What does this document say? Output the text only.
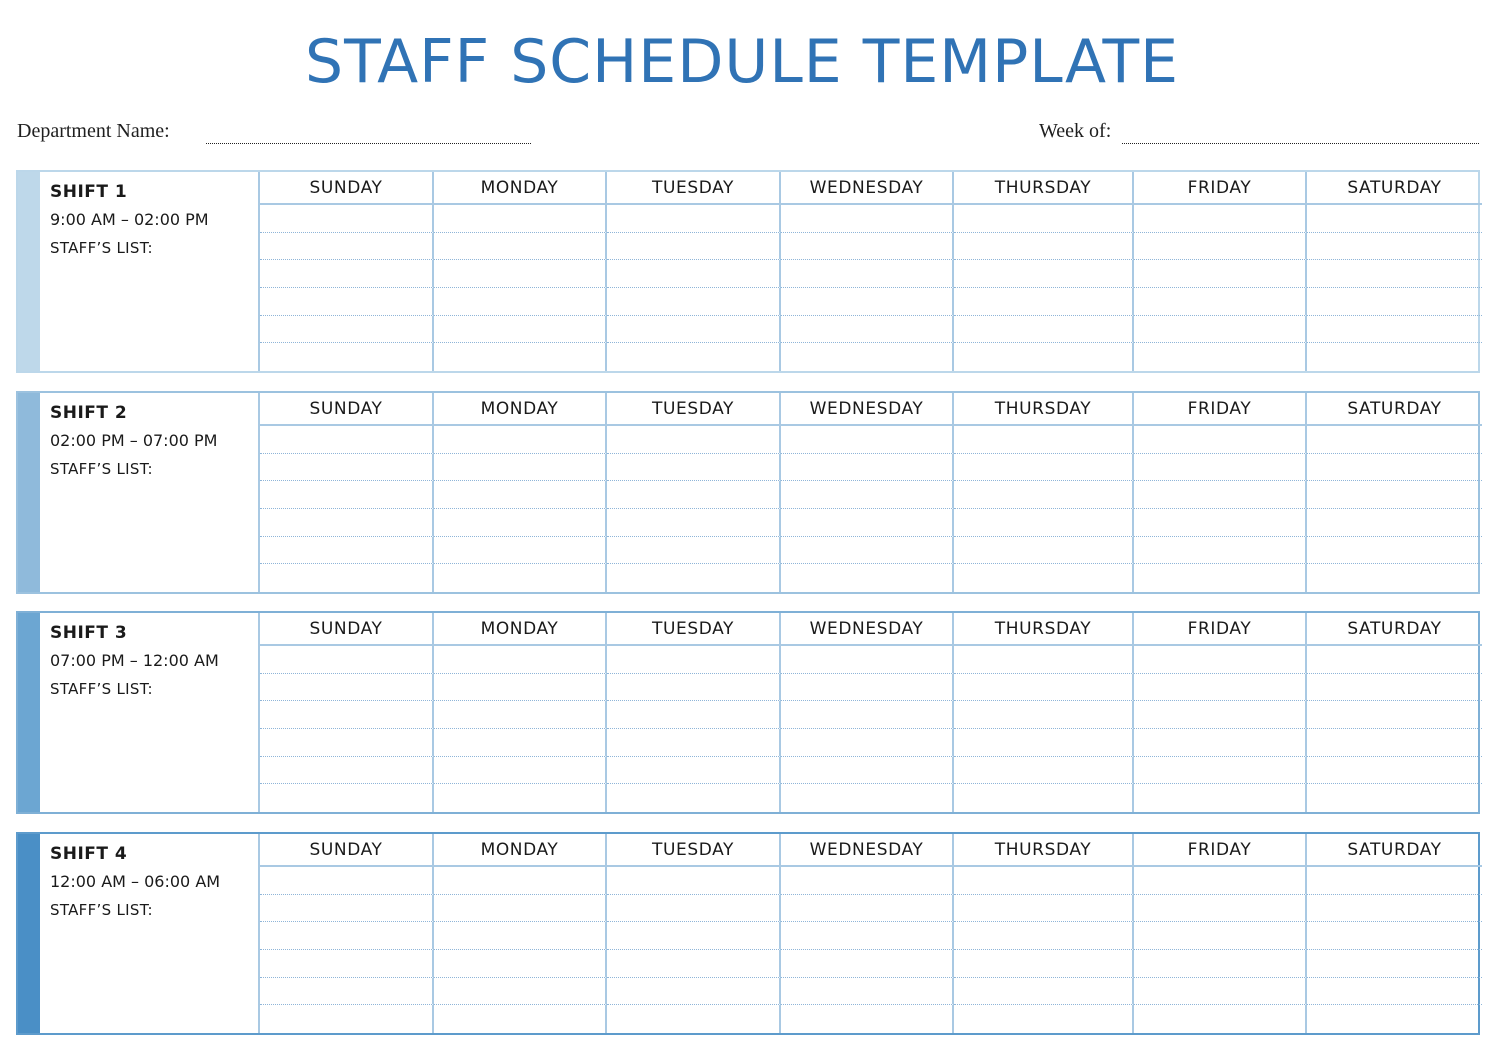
STAFF SCHEDULE TEMPLATE
Department Name:	Week of:
SHIFT 1
9:00 AM – 02:00 PM
STAFF’S LIST:
SUNDAY	MONDAY	TUESDAY	WEDNESDAY	THURSDAY	FRIDAY	SATURDAY
SHIFT 2
02:00 PM – 07:00 PM
STAFF’S LIST:
SUNDAY	MONDAY	TUESDAY	WEDNESDAY	THURSDAY	FRIDAY	SATURDAY
SHIFT 3
07:00 PM – 12:00 AM
STAFF’S LIST:
SUNDAY	MONDAY	TUESDAY	WEDNESDAY	THURSDAY	FRIDAY	SATURDAY
SHIFT 4
12:00 AM – 06:00 AM
STAFF’S LIST:
SUNDAY	MONDAY	TUESDAY	WEDNESDAY	THURSDAY	FRIDAY	SATURDAY
